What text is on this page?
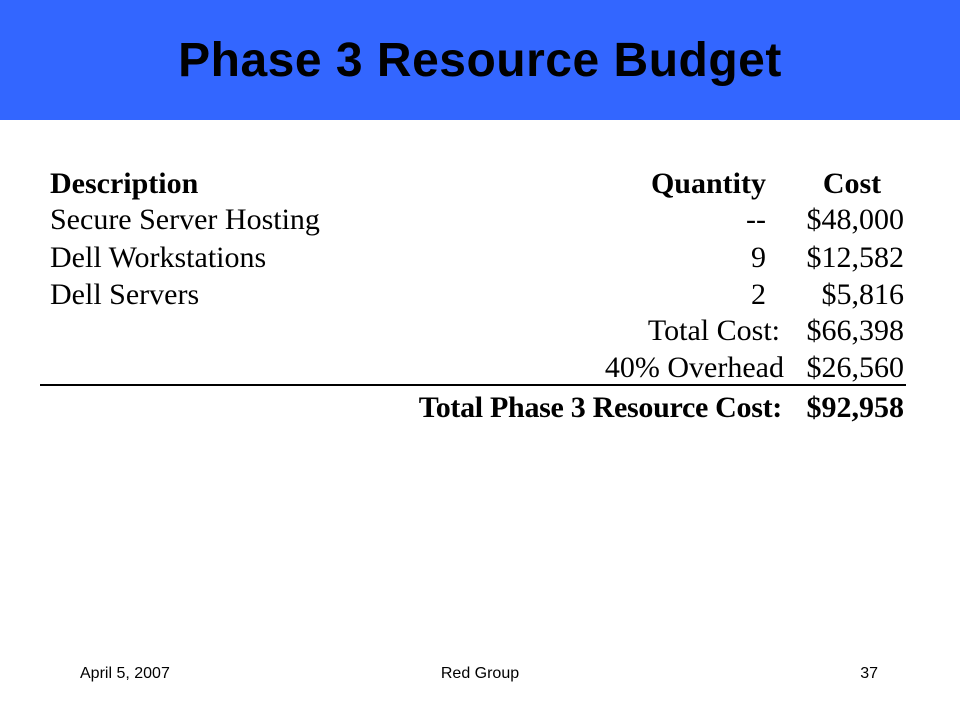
Phase 3 Resource Budget
Description	Quantity	Cost
Secure Server Hosting	--	$48,000
Dell Workstations	9	$12,582
Dell Servers	2	$5,816
Total Cost: $66,398
40% Overhead $26,560
Total Phase 3 Resource Cost: $92,958
April 5, 2007	Red Group	37
